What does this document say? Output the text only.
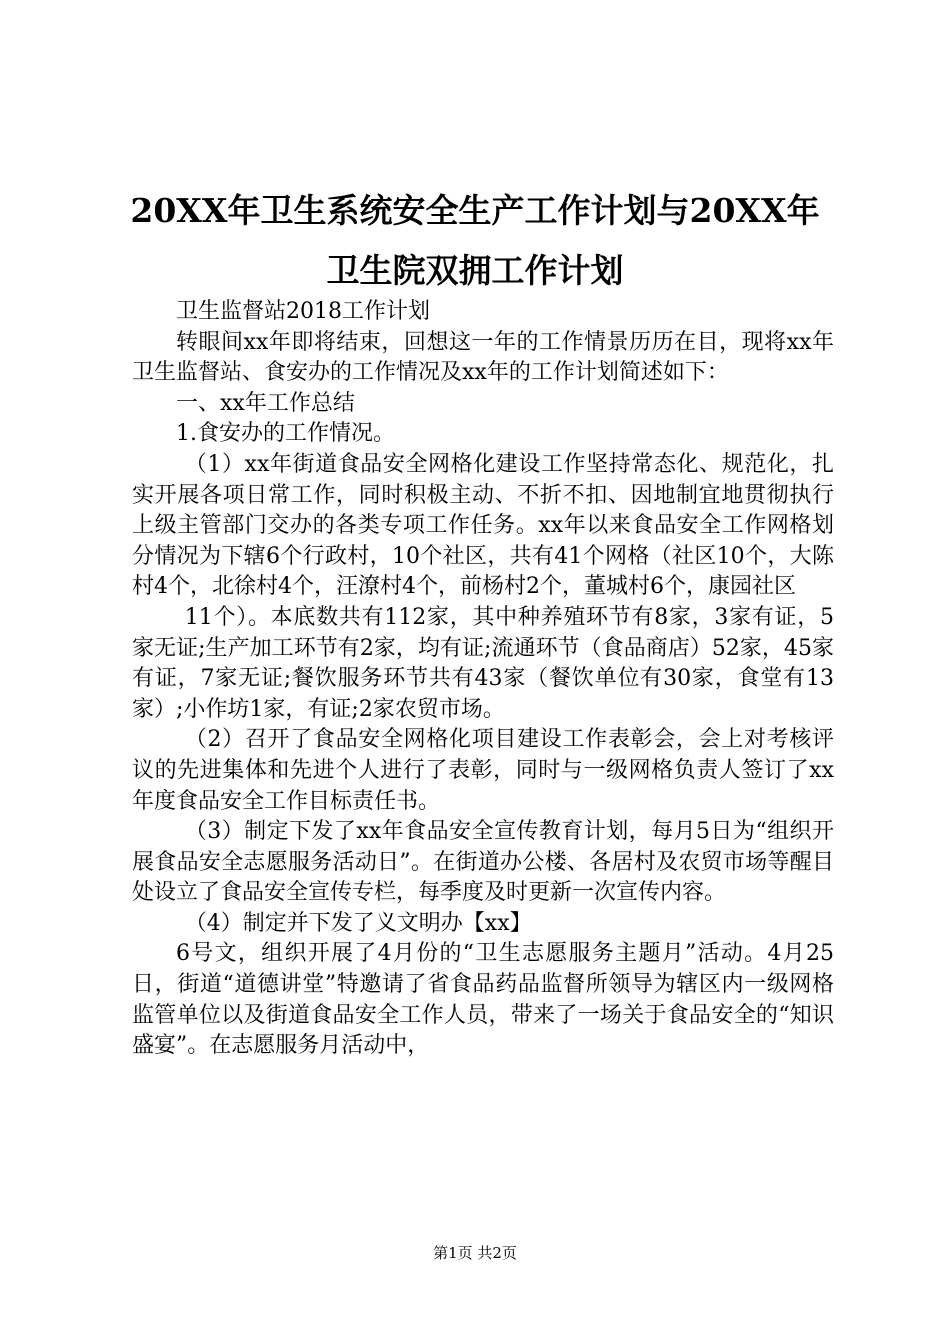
20XX年卫生系统安全生产工作计划与20XX年
卫生院双拥工作计划

卫生监督站2018工作计划

转眼间xx年即将结束，回想这一年的工作情景历历在目，现将xx年卫生监督站、食安办的工作情况及xx年的工作计划简述如下：

一、xx年工作总结

1.食安办的工作情况。

（1）xx年街道食品安全网格化建设工作坚持常态化、规范化，扎实开展各项日常工作，同时积极主动、不折不扣、因地制宜地贯彻执行上级主管部门交办的各类专项工作任务。xx年以来食品安全工作网格划分情况为下辖6个行政村，10个社区，共有41个网格（社区10个，大陈村4个，北徐村4个，汪潦村4个，前杨村2个，董城村6个，康园社区

11个）。本底数共有112家，其中种养殖环节有8家，3家有证，5家无证;生产加工环节有2家，均有证;流通环节（食品商店）52家，45家有证，7家无证;餐饮服务环节共有43家（餐饮单位有30家，食堂有13家）;小作坊1家，有证;2家农贸市场。

（2）召开了食品安全网格化项目建设工作表彰会，会上对考核评议的先进集体和先进个人进行了表彰，同时与一级网格负责人签订了xx年度食品安全工作目标责任书。

（3）制定下发了xx年食品安全宣传教育计划，每月5日为“组织开展食品安全志愿服务活动日”。在街道办公楼、各居村及农贸市场等醒目处设立了食品安全宣传专栏，每季度及时更新一次宣传内容。

（4）制定并下发了义文明办【xx】

6号文，组织开展了4月份的“卫生志愿服务主题月”活动。4月25日，街道“道德讲堂”特邀请了省食品药品监督所领导为辖区内一级网格监管单位以及街道食品安全工作人员，带来了一场关于食品安全的“知识盛宴”。在志愿服务月活动中，

第1页 共2页
